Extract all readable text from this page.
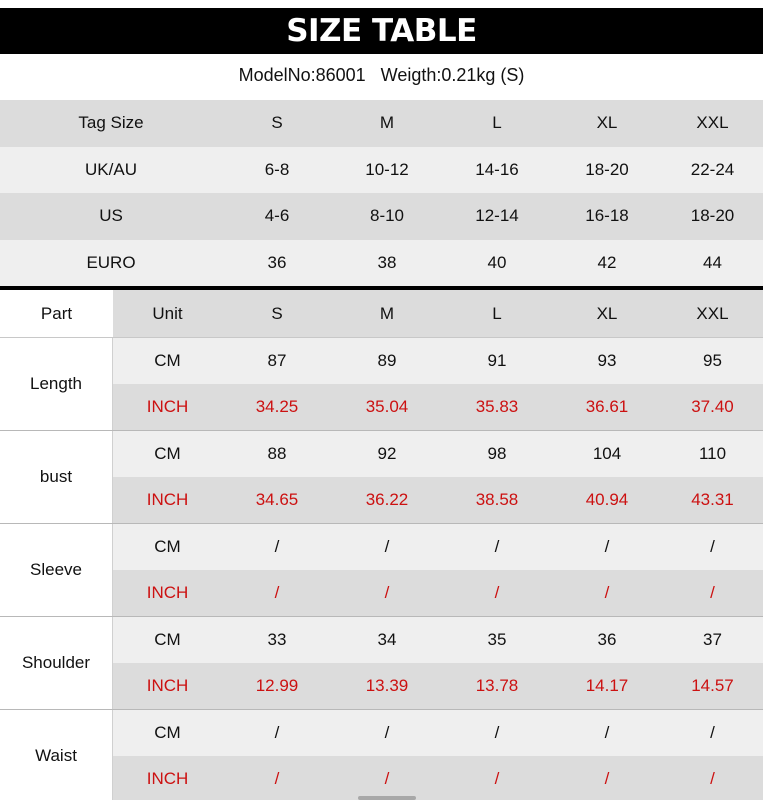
SIZE TABLE
ModelNo:86001   Weigth:0.21kg (S)
Tag Size	S	M	L	XL	XXL
UK/AU	6-8	10-12	14-16	18-20	22-24
US	4-6	8-10	12-14	16-18	18-20
EURO	36	38	40	42	44
Part	Unit	S	M	L	XL	XXL
Length
CM	87	89	91	93	95
INCH	34.25	35.04	35.83	36.61	37.40
bust
CM	88	92	98	104	110
INCH	34.65	36.22	38.58	40.94	43.31
Sleeve
CM	/	/	/	/	/
INCH	/	/	/	/	/
Shoulder
CM	33	34	35	36	37
INCH	12.99	13.39	13.78	14.17	14.57
Waist
CM	/	/	/	/	/
INCH	/	/	/	/	/
